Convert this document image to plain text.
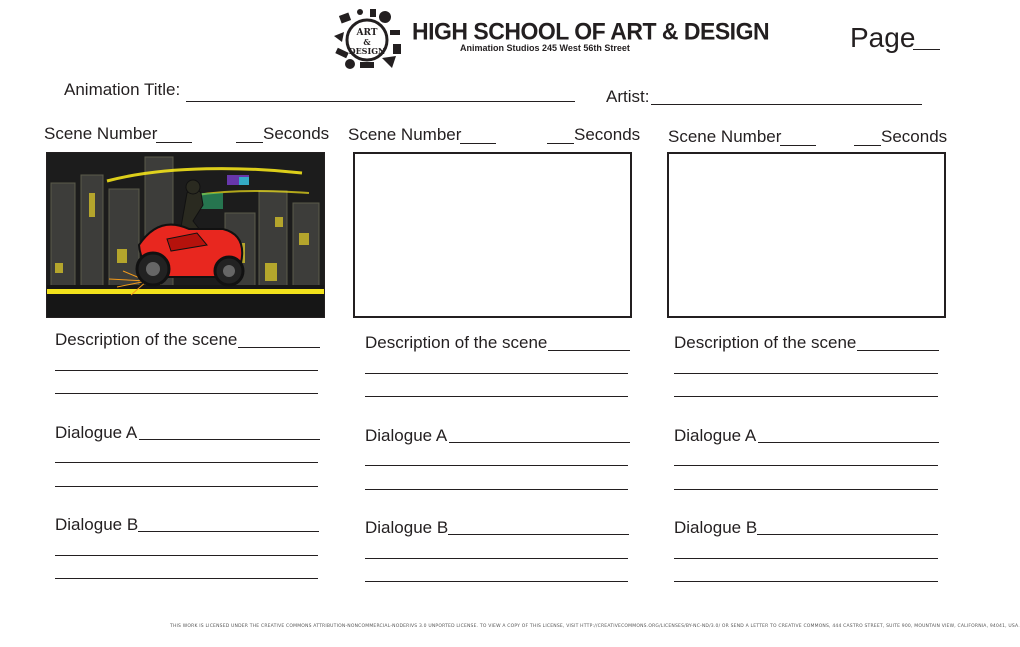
ART
&
DESIGN
HIGH SCHOOL OF ART & DESIGN
Animation Studios 245 West 56th Street	Page
Animation Title:	Artist:
Scene Number	Seconds
Description of the scene
Dialogue A
Dialogue B
Scene Number	Seconds
Description of the scene
Dialogue A
Dialogue B
Scene Number	Seconds
Description of the scene
Dialogue A
Dialogue B
THIS WORK IS LICENSED UNDER THE CREATIVE COMMONS ATTRIBUTION-NONCOMMERCIAL-NODERIVS 3.0 UNPORTED LICENSE. TO VIEW A COPY OF THIS LICENSE, VISIT HTTP://CREATIVECOMMONS.ORG/LICENSES/BY-NC-ND/3.0/ OR SEND A LETTER TO CREATIVE COMMONS, 444 CASTRO STREET, SUITE 900, MOUNTAIN VIEW, CALIFORNIA, 94041, USA.
